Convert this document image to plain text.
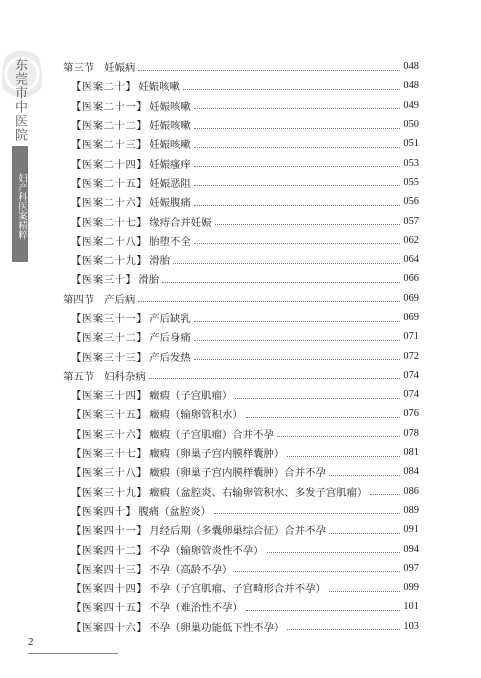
东莞市中医院
妇产科医案精粹
第三节 妊娠病	048
【医案二十】 妊娠咳嗽	048
【医案二十一】 妊娠咳嗽	049
【医案二十二】 妊娠咳嗽	050
【医案二十三】 妊娠咳嗽	051
【医案二十四】 妊娠瘙痒	053
【医案二十五】 妊娠恶阻	055
【医案二十六】 妊娠腹痛	056
【医案二十七】 缘痔合并妊娠	057
【医案二十八】 胎堕不全	062
【医案二十九】 滑胎	064
【医案三十】 滑胎	066
第四节 产后病	069
【医案三十一】 产后缺乳	069
【医案三十二】 产后身痛	071
【医案三十三】 产后发热	072
第五节 妇科杂病	074
【医案三十四】 癥瘕（子宫肌瘤）	074
【医案三十五】 癥瘕（输卵管积水）	076
【医案三十六】 癥瘕（子宫肌瘤）合并不孕	078
【医案三十七】 癥瘕（卵巢子宫内膜样囊肿）	081
【医案三十八】 癥瘕（卵巢子宫内膜样囊肿）合并不孕	084
【医案三十九】 癥瘕（盆腔炎、右输卵管积水、多发子宫肌瘤）	086
【医案四十】 腹痛（盆腔炎）	089
【医案四十一】 月经后期（多囊卵巢综合征）合并不孕	091
【医案四十二】 不孕（输卵管炎性不孕）	094
【医案四十三】 不孕（高龄不孕）	097
【医案四十四】 不孕（子宫肌瘤、子宫畸形合并不孕）	099
【医案四十五】 不孕（难治性不孕）	101
【医案四十六】 不孕（卵巢功能低下性不孕）	103
2
